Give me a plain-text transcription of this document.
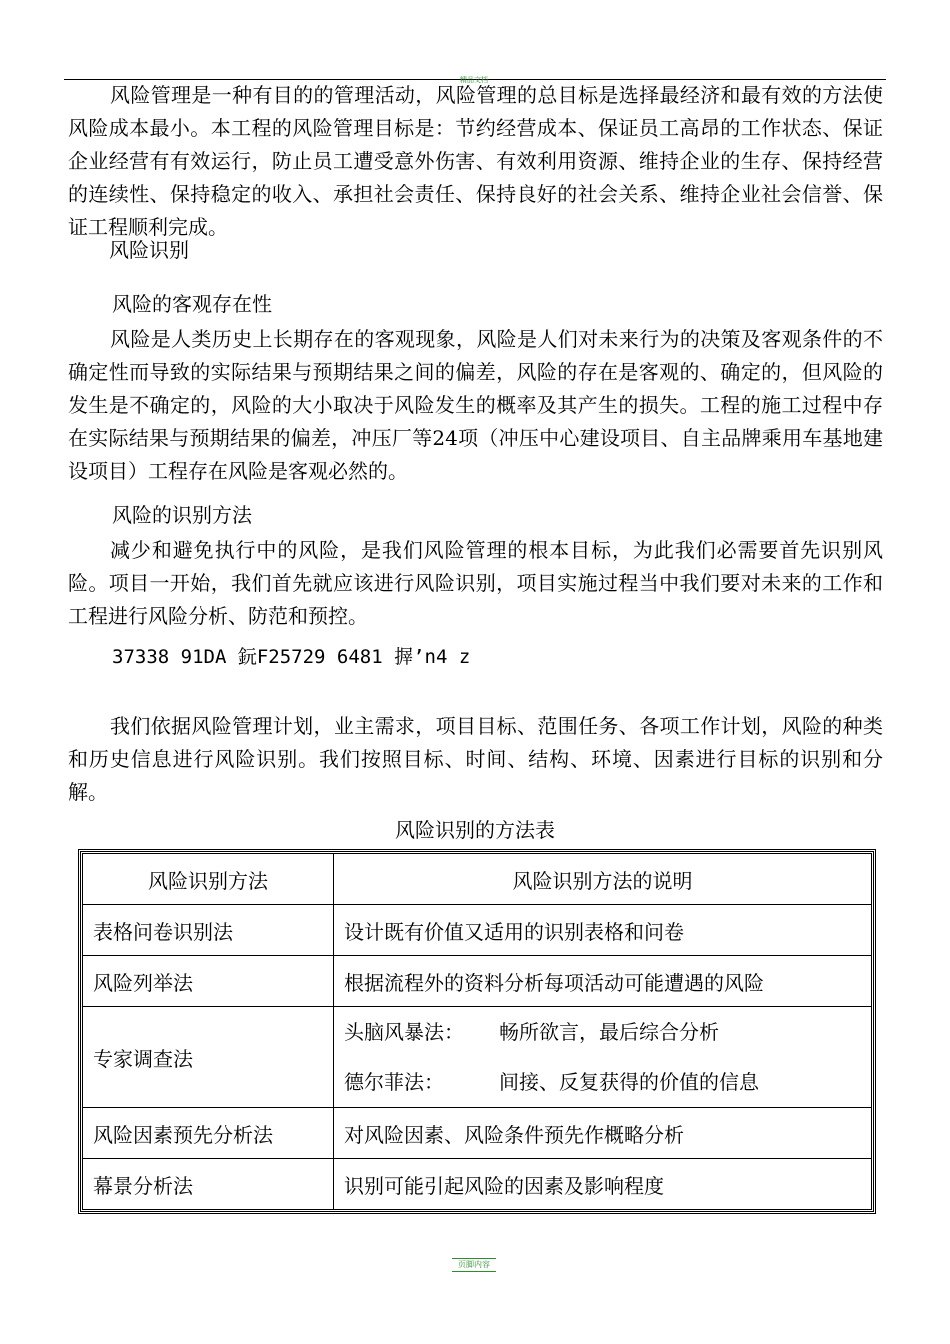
精品文档

风险管理是一种有目的的管理活动，风险管理的总目标是选择最经济和最有效的方法使风险成本最小。本工程的风险管理目标是：节约经营成本、保证员工高昂的工作状态、保证企业经营有有效运行，防止员工遭受意外伤害、有效利用资源、维持企业的生存、保持经营的连续性、保持稳定的收入、承担社会责任、保持良好的社会关系、维持企业社会信誉、保证工程顺利完成。

风险识别
风险的客观存在性

风险是人类历史上长期存在的客观现象，风险是人们对未来行为的决策及客观条件的不确定性而导致的实际结果与预期结果之间的偏差，风险的存在是客观的、确定的，但风险的发生是不确定的，风险的大小取决于风险发生的概率及其产生的损失。工程的施工过程中存在实际结果与预期结果的偏差，冲压厂等24项（冲压中心建设项目、自主品牌乘用车基地建设项目）工程存在风险是客观必然的。

风险的识别方法

减少和避免执行中的风险，是我们风险管理的根本目标，为此我们必需要首先识别风险。项目一开始，我们首先就应该进行风险识别，项目实施过程当中我们要对未来的工作和工程进行风险分析、防范和预控。

37338 91DA 鈨F25729 6481 搱’n4 z

我们依据风险管理计划，业主需求，项目目标、范围任务、各项工作计划，风险的种类和历史信息进行风险识别。我们按照目标、时间、结构、环境、因素进行目标的识别和分解。

风险识别的方法表
风险识别方法	风险识别方法的说明
表格问卷识别法	设计既有价值又适用的识别表格和问卷
风险列举法	根据流程外的资料分析每项活动可能遭遇的风险
专家调查法	头脑风暴法： 畅所欲言，最后综合分析
德尔菲法： 间接、反复获得的价值的信息

风险因素预先分析法	对风险因素、风险条件预先作概略分析
幕景分析法	识别可能引起风险的因素及影响程度
页脚内容
